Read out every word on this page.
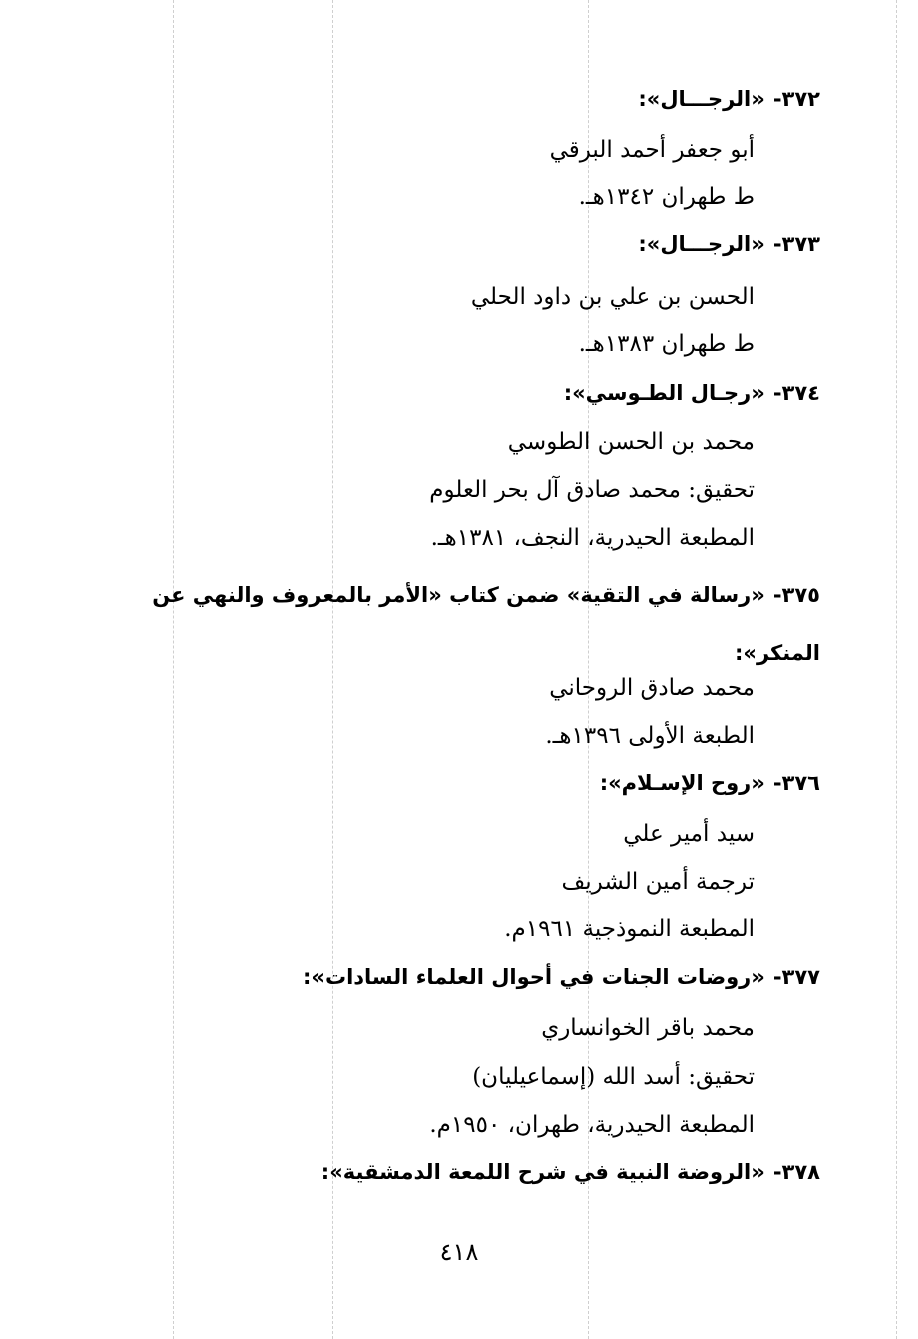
٣٧٢-«الرجـــال»:
أبو جعفر أحمد البرقي
ط طهران ١٣٤٢هـ.
٣٧٣-«الرجـــال»:
الحسن بن علي بن داود الحلي
ط طهران ١٣٨٣هـ.
٣٧٤-«رجـال الطـوسي»:
محمد بن الحسن الطوسي
تحقيق: محمد صادق آل بحر العلوم
المطبعة الحيدرية، النجف، ١٣٨١هـ.
٣٧٥-«رسالة في التقية» ضمن كتاب «الأمر بالمعروف والنهي عن المنكر»:
محمد صادق الروحاني
الطبعة الأولى ١٣٩٦هـ.
٣٧٦-«روح الإسـلام»:
سيد أمير علي
ترجمة أمين الشريف
المطبعة النموذجية ١٩٦١م.
٣٧٧-«روضات الجنات في أحوال العلماء السادات»:
محمد باقر الخوانساري
تحقيق: أسد الله (إسماعيليان)
المطبعة الحيدرية، طهران، ١٩٥٠م.
٣٧٨-«الروضة النبية في شرح اللمعة الدمشقية»:
٤١٨
